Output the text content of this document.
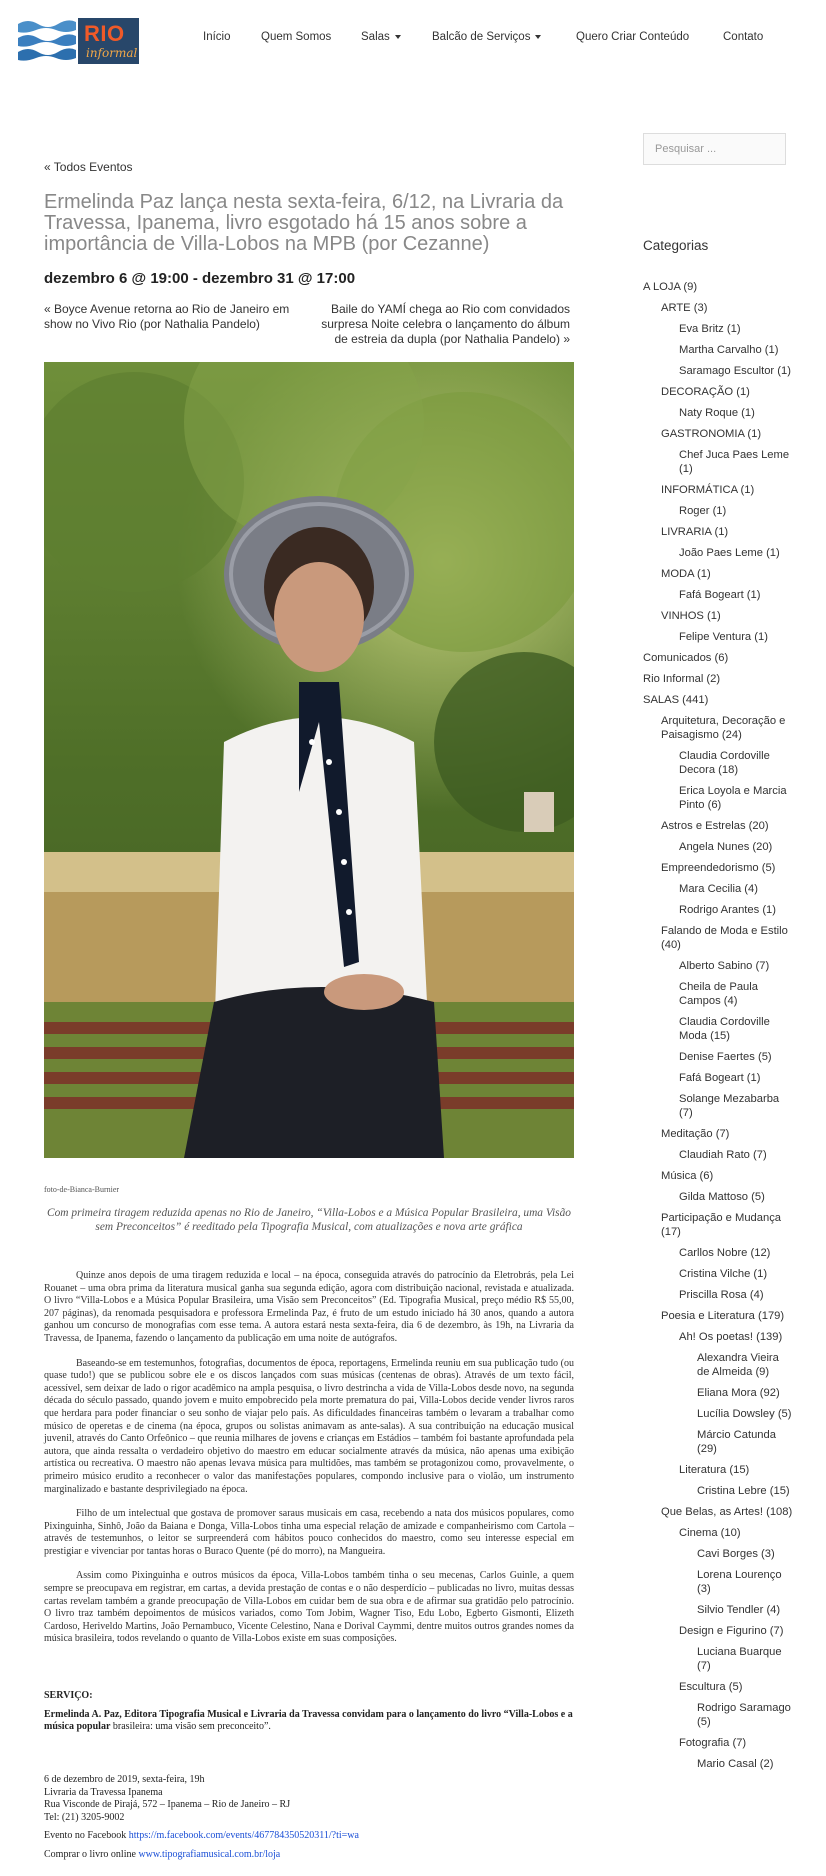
RIO
informal
Início	Quem Somos	Salas	Balcão de Serviços	Quero Criar Conteúdo	Contato
« Todos Eventos
Ermelinda Paz lança nesta sexta-feira, 6/12, na Livraria da Travessa, Ipanema, livro esgotado há 15 anos sobre a importância de Villa-Lobos na MPB (por Cezanne)
dezembro 6 @ 19:00 - dezembro 31 @ 17:00
« Boyce Avenue retorna ao Rio de Janeiro em show no Vivo Rio (por Nathalia Pandelo)
Baile do YAMÍ chega ao Rio com convidados surpresa Noite celebra o lançamento do álbum de estreia da dupla (por Nathalia Pandelo) »
foto-de-Bianca-Burnier
Com primeira tiragem reduzida apenas no Rio de Janeiro, “Villa-Lobos e a Música Popular Brasileira, uma Visão sem Preconceitos” é reeditado pela Tipografia Musical, com atualizações e nova arte gráfica

Quinze anos depois de uma tiragem reduzida e local – na época, conseguida através do patrocínio da Eletrobrás, pela Lei Rouanet – uma obra prima da literatura musical ganha sua segunda edição, agora com distribuição nacional, revistada e atualizada. O livro “Villa-Lobos e a Música Popular Brasileira, uma Visão sem Preconceitos” (Ed. Tipografia Musical, preço médio R$ 55,00, 207 páginas), da renomada pesquisadora e professora Ermelinda Paz, é fruto de um estudo iniciado há 30 anos, quando a autora ganhou um concurso de monografias com esse tema. A autora estará nesta sexta-feira, dia 6 de dezembro, às 19h, na Livraria da Travessa, de Ipanema, fazendo o lançamento da publicação em uma noite de autógrafos.

Baseando-se em testemunhos, fotografias, documentos de época, reportagens, Ermelinda reuniu em sua publicação tudo (ou quase tudo!) que se publicou sobre ele e os discos lançados com suas músicas (centenas de obras). Através de um texto fácil, acessível, sem deixar de lado o rigor acadêmico na ampla pesquisa, o livro destrincha a vida de Villa-Lobos desde novo, na segunda década do século passado, quando jovem e muito empobrecido pela morte prematura do pai, Villa-Lobos decide vender livros raros que herdara para poder financiar o seu sonho de viajar pelo país. As dificuldades financeiras também o levaram a trabalhar como músico de operetas e de cinema (na época, grupos ou solistas animavam as ante-salas). A sua contribuição na educação musical juvenil, através do Canto Orfeônico – que reunia milhares de jovens e crianças em Estádios – também foi bastante aprofundada pela autora, que ainda ressalta o verdadeiro objetivo do maestro em educar socialmente através da música, não apenas uma exibição artística ou recreativa. O maestro não apenas levava música para multidões, mas também se protagonizou como, provavelmente, o primeiro músico erudito a reconhecer o valor das manifestações populares, compondo inclusive para o violão, um instrumento marginalizado e bastante desprivilegiado na época.

Filho de um intelectual que gostava de promover saraus musicais em casa, recebendo a nata dos músicos populares, como Pixinguinha, Sinhô, João da Baiana e Donga, Villa-Lobos tinha uma especial relação de amizade e companheirismo com Cartola – através de testemunhos, o leitor se surpreenderá com hábitos pouco conhecidos do maestro, como seu interesse especial em prestigiar e vivenciar por tantas horas o Buraco Quente (pé do morro), na Mangueira.

Assim como Pixinguinha e outros músicos da época, Villa-Lobos também tinha o seu mecenas, Carlos Guinle, a quem sempre se preocupava em registrar, em cartas, a devida prestação de contas e o não desperdício – publicadas no livro, muitas dessas cartas revelam também a grande preocupação de Villa-Lobos em cuidar bem de sua obra e de afirmar sua gratidão pelo patrocínio. O livro traz também depoimentos de músicos variados, como Tom Jobim, Wagner Tiso, Edu Lobo, Egberto Gismonti, Elizeth Cardoso, Heriveldo Martins, João Pernambuco, Vicente Celestino, Nana e Dorival Caymmi, dentre muitos outros grandes nomes da música brasileira, todos revelando o quanto de Villa-Lobos existe em suas composições.

SERVIÇO:
Ermelinda A. Paz, Editora Tipografia Musical e Livraria da Travessa convidam para o lançamento do livro “Villa-Lobos e a música popular brasileira: uma visão sem preconceito”.
6 de dezembro de 2019, sexta-feira, 19h
Livraria da Travessa Ipanema
Rua Visconde de Pirajá, 572 – Ipanema – Rio de Janeiro – RJ
Tel: (21) 3205-9002
Evento no Facebook https://m.facebook.com/events/467784350520311/?ti=wa
Comprar o livro online www.tipografiamusical.com.br/loja
Pesquisar ...
Categorias
A LOJA (9)
ARTE (3)
Eva Britz (1)
Martha Carvalho (1)
Saramago Escultor (1)
DECORAÇÃO (1)
Naty Roque (1)
GASTRONOMIA (1)
Chef Juca Paes Leme (1)
INFORMÁTICA (1)
Roger (1)
LIVRARIA (1)
João Paes Leme (1)
MODA (1)
Fafá Bogeart (1)
VINHOS (1)
Felipe Ventura (1)
Comunicados (6)
Rio Informal (2)
SALAS (441)
Arquitetura, Decoração e Paisagismo (24)
Claudia Cordoville Decora (18)
Erica Loyola e Marcia Pinto (6)
Astros e Estrelas (20)
Angela Nunes (20)
Empreendedorismo (5)
Mara Cecilia (4)
Rodrigo Arantes (1)
Falando de Moda e Estilo (40)
Alberto Sabino (7)
Cheila de Paula Campos (4)
Claudia Cordoville Moda (15)
Denise Faertes (5)
Fafá Bogeart (1)
Solange Mezabarba (7)
Meditação (7)
Claudiah Rato (7)
Música (6)
Gilda Mattoso (5)
Participação e Mudança (17)
Carllos Nobre (12)
Cristina Vilche (1)
Priscilla Rosa (4)
Poesia e Literatura (179)
Ah! Os poetas! (139)
Alexandra Vieira de Almeida (9)
Eliana Mora (92)
Lucília Dowsley (5)
Márcio Catunda (29)
Literatura (15)
Cristina Lebre (15)
Que Belas, as Artes! (108)
Cinema (10)
Cavi Borges (3)
Lorena Lourenço (3)
Silvio Tendler (4)
Design e Figurino (7)
Luciana Buarque (7)
Escultura (5)
Rodrigo Saramago (5)
Fotografia (7)
Mario Casal (2)
